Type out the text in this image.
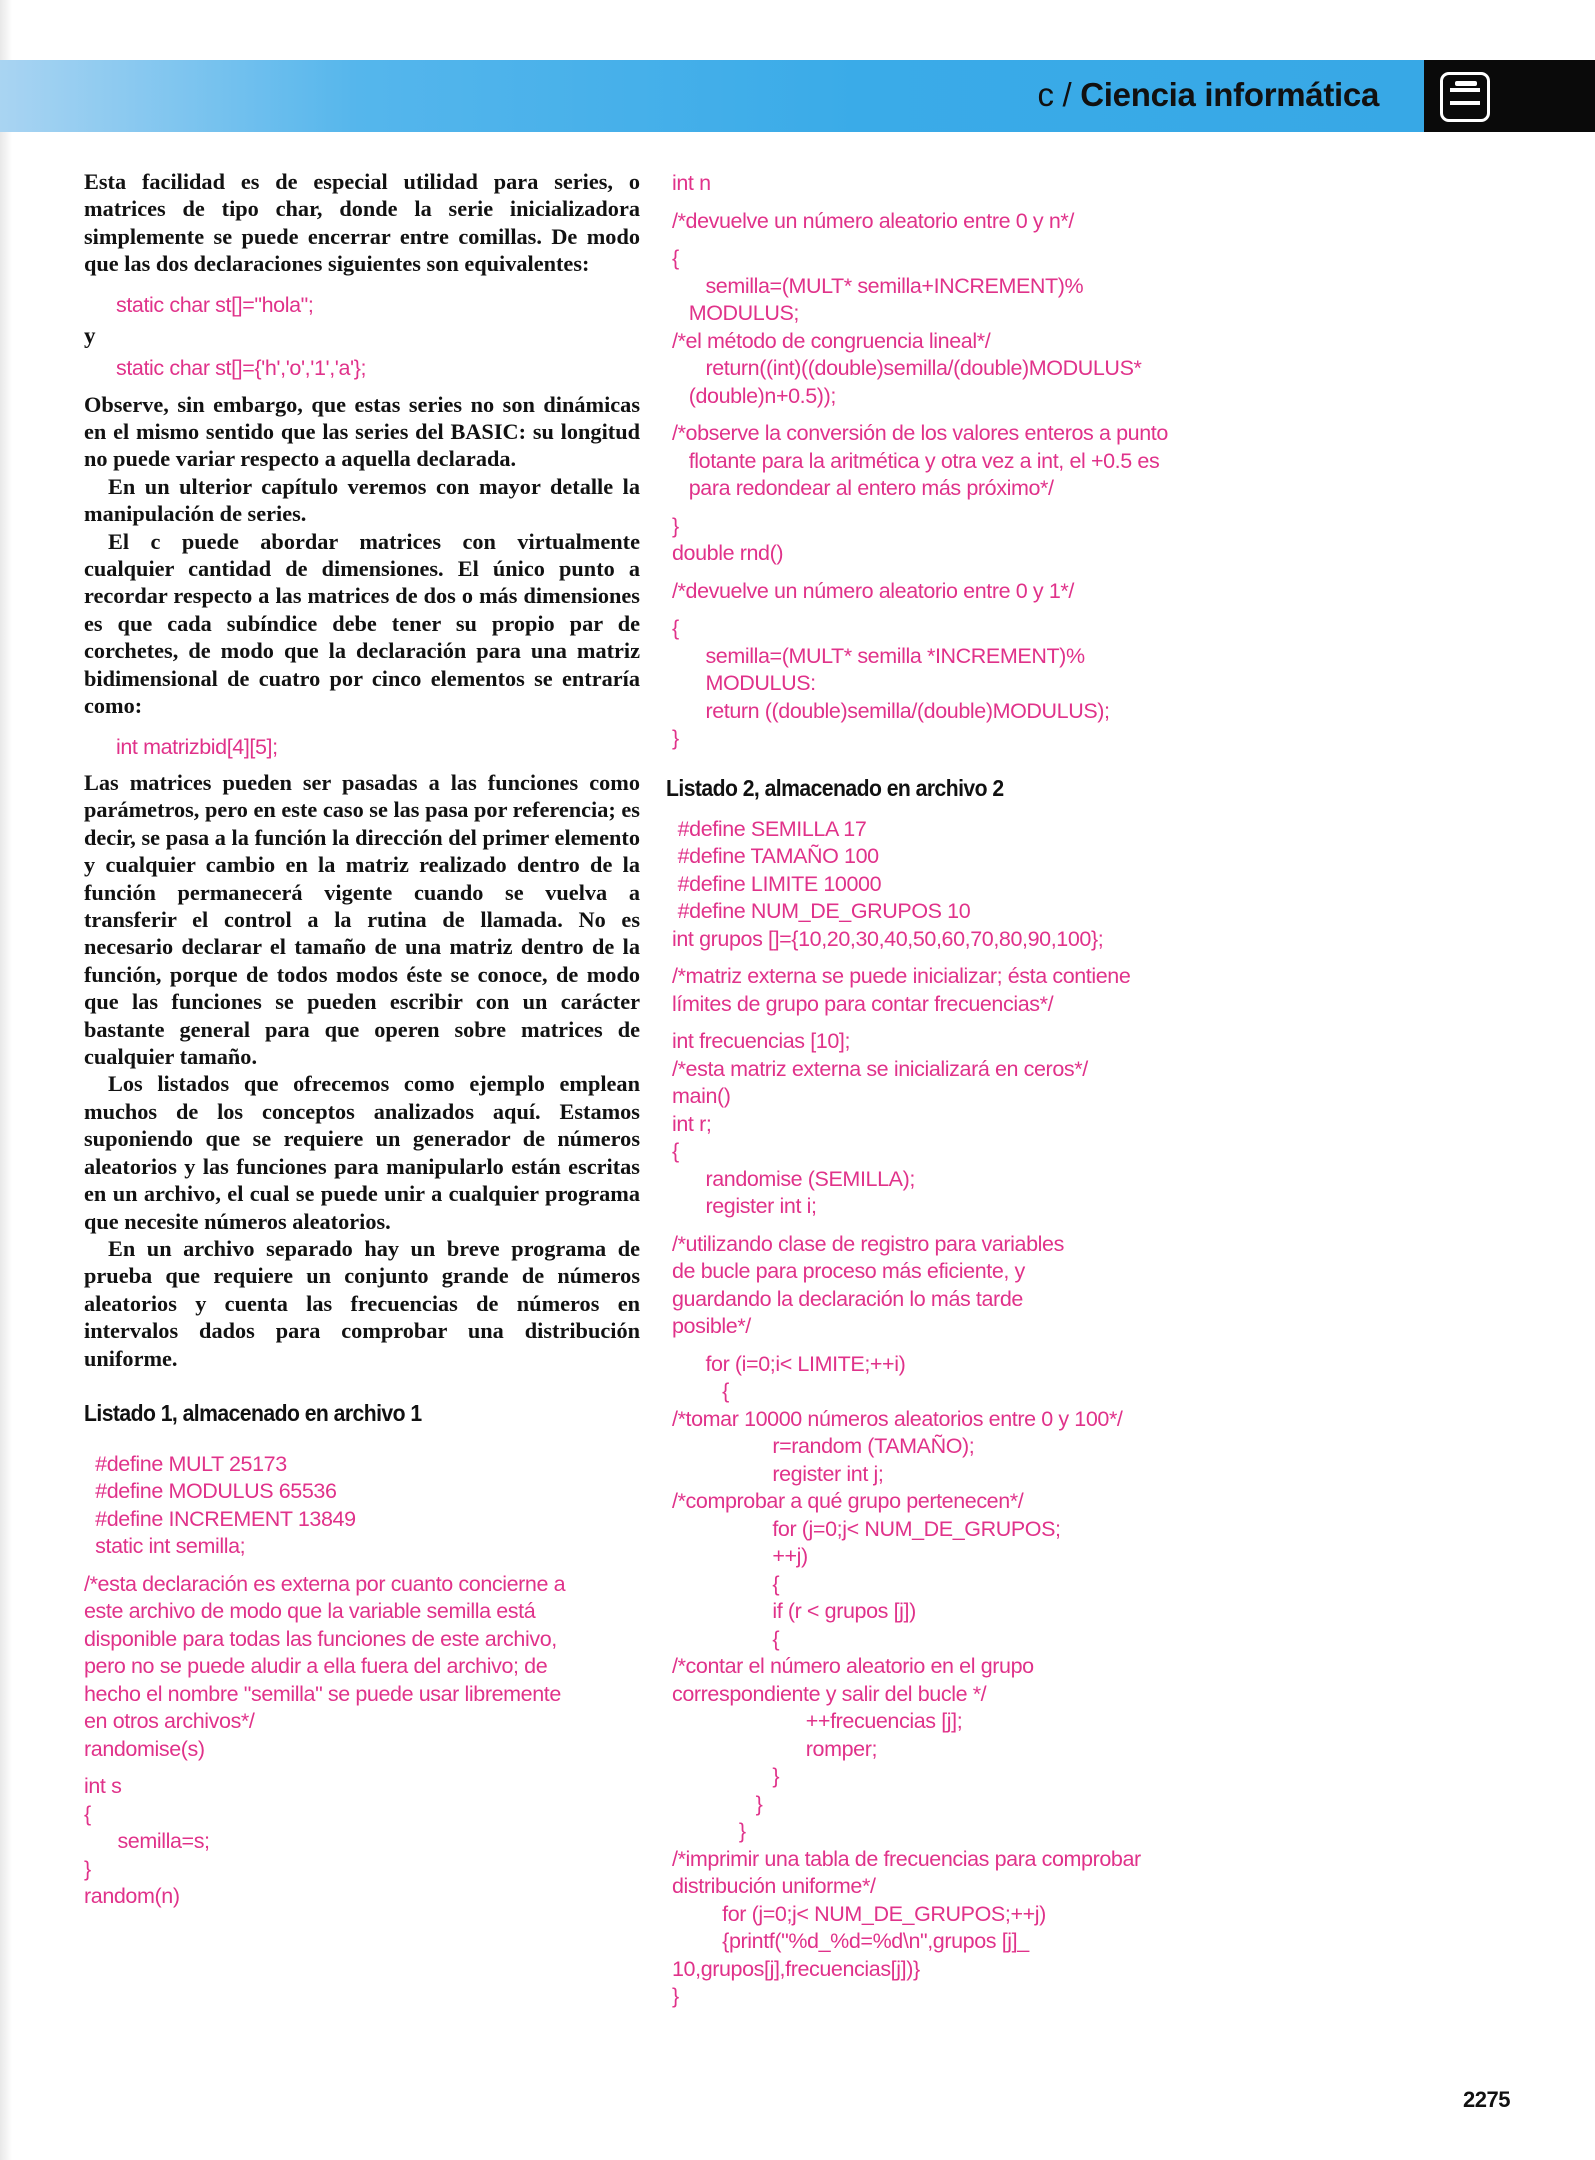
c / Ciencia informática

Esta facilidad es de especial utilidad para series, o matrices de tipo char, donde la serie inicializadora simplemente se puede encerrar entre comillas. De modo que las dos declaraciones siguientes son equivalentes:

static char st[]="hola";
y
static char st[]={'h','o','1','a'};

Observe, sin embargo, que estas series no son dinámicas en el mismo sentido que las series del BASIC: su longitud no puede variar respecto a aquella declarada.

En un ulterior capítulo veremos con mayor detalle la manipulación de series.

El c puede abordar matrices con virtualmente cualquier cantidad de dimensiones. El único punto a recordar respecto a las matrices de dos o más dimensiones es que cada subíndice debe tener su propio par de corchetes, de modo que la declaración para una matriz bidimensional de cuatro por cinco elementos se entraría como:

int matrizbid[4][5];

Las matrices pueden ser pasadas a las funciones como parámetros, pero en este caso se las pasa por referencia; es decir, se pasa a la función la dirección del primer elemento y cualquier cambio en la matriz realizado dentro de la función permanecerá vigente cuando se vuelva a transferir el control a la rutina de llamada. No es necesario declarar el tamaño de una matriz dentro de la función, porque de todos modos éste se conoce, de modo que las funciones se pueden escribir con un carácter bastante general para que operen sobre matrices de cualquier tamaño.

Los listados que ofrecemos como ejemplo emplean muchos de los conceptos analizados aquí. Estamos suponiendo que se requiere un generador de números aleatorios y las funciones para manipularlo están escritas en un archivo, el cual se puede unir a cualquier programa que necesite números aleatorios.

En un archivo separado hay un breve programa de prueba que requiere un conjunto grande de números aleatorios y cuenta las frecuencias de números en intervalos dados para comprobar una distribución uniforme.

Listado 1, almacenado en archivo 1
#define MULT 25173
#define MODULUS 65536
#define INCREMENT 13849
static int semilla;
/*esta declaración es externa por cuanto concierne a
este archivo de modo que la variable semilla está
disponible para todas las funciones de este archivo,
pero no se puede aludir a ella fuera del archivo; de
hecho el nombre "semilla" se puede usar libremente
en otros archivos*/
randomise(s)
int s
{
semilla=s;
}
random(n)
int n
/*devuelve un número aleatorio entre 0 y n*/
{
semilla=(MULT* semilla+INCREMENT)%
MODULUS;
/*el método de congruencia lineal*/
return((int)((double)semilla/(double)MODULUS*
(double)n+0.5));
/*observe la conversión de los valores enteros a punto
flotante para la aritmética y otra vez a int, el +0.5 es
para redondear al entero más próximo*/
}
double rnd()
/*devuelve un número aleatorio entre 0 y 1*/
{
semilla=(MULT* semilla *INCREMENT)%
MODULUS:
return ((double)semilla/(double)MODULUS);
}
Listado 2, almacenado en archivo 2
#define SEMILLA 17
#define TAMAÑO 100
#define LIMITE 10000
#define NUM_DE_GRUPOS 10
int grupos []={10,20,30,40,50,60,70,80,90,100};
/*matriz externa se puede inicializar; ésta contiene
límites de grupo para contar frecuencias*/
int frecuencias [10];
/*esta matriz externa se inicializará en ceros*/
main()
int r;
{
randomise (SEMILLA);
register int i;
/*utilizando clase de registro para variables
de bucle para proceso más eficiente, y
guardando la declaración lo más tarde
posible*/
for (i=0;i< LIMITE;++i)
{
/*tomar 10000 números aleatorios entre 0 y 100*/
r=random (TAMAÑO);
register int j;
/*comprobar a qué grupo pertenecen*/
for (j=0;j< NUM_DE_GRUPOS;
++j)
{
if (r < grupos [j])
{
/*contar el número aleatorio en el grupo
correspondiente y salir del bucle */
++frecuencias [j];
romper;
}
}
}
/*imprimir una tabla de frecuencias para comprobar
distribución uniforme*/
for (j=0;j< NUM_DE_GRUPOS;++j)
{printf("%d_%d=%d\n",grupos [j]_
10,grupos[j],frecuencias[j])}
}
2275
